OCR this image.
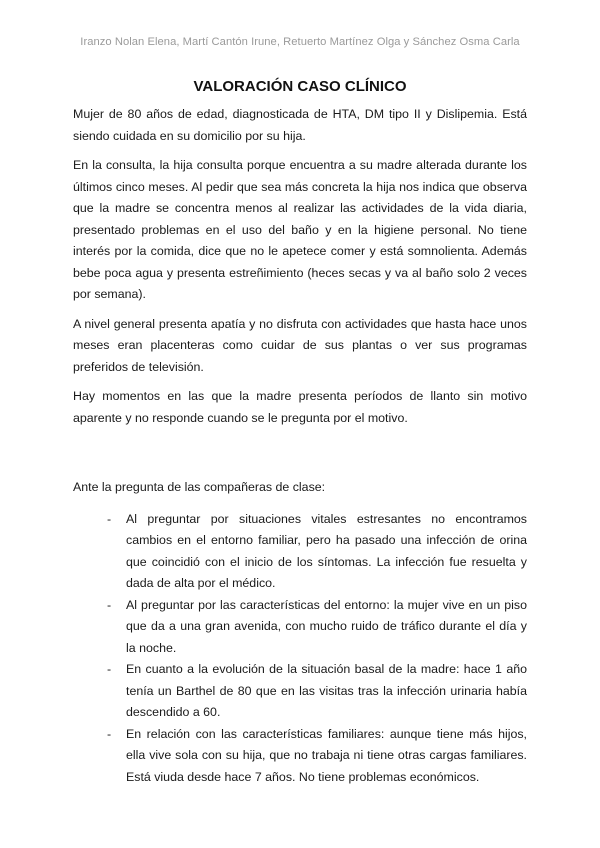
Iranzo Nolan Elena, Martí Cantón Irune, Retuerto Martínez Olga y Sánchez Osma Carla
VALORACIÓN CASO CLÍNICO

Mujer de 80 años de edad, diagnosticada de HTA, DM tipo II y Dislipemia. Está siendo cuidada en su domicilio por su hija.

En la consulta, la hija consulta porque encuentra a su madre alterada durante los últimos cinco meses. Al pedir que sea más concreta la hija nos indica que observa que la madre se concentra menos al realizar las actividades de la vida diaria, presentado problemas en el uso del baño y en la higiene personal. No tiene interés por la comida, dice que no le apetece comer y está somnolienta. Además bebe poca agua y presenta estreñimiento (heces secas y va al baño solo 2 veces por semana).

A nivel general presenta apatía y no disfruta con actividades que hasta hace unos meses eran placenteras como cuidar de sus plantas o ver sus programas preferidos de televisión.

Hay momentos en las que la madre presenta períodos de llanto sin motivo aparente y no responde cuando se le pregunta por el motivo.

Ante la pregunta de las compañeras de clase:

- Al preguntar por situaciones vitales estresantes no encontramos cambios en el entorno familiar, pero ha pasado una infección de orina que coincidió con el inicio de los síntomas. La infección fue resuelta y dada de alta por el médico.
- Al preguntar por las características del entorno: la mujer vive en un piso que da a una gran avenida, con mucho ruido de tráfico durante el día y la noche.
- En cuanto a la evolución de la situación basal de la madre: hace 1 año tenía un Barthel de 80 que en las visitas tras la infección urinaria había descendido a 60.
- En relación con las características familiares: aunque tiene más hijos, ella vive sola con su hija, que no trabaja ni tiene otras cargas familiares. Está viuda desde hace 7 años. No tiene problemas económicos.
